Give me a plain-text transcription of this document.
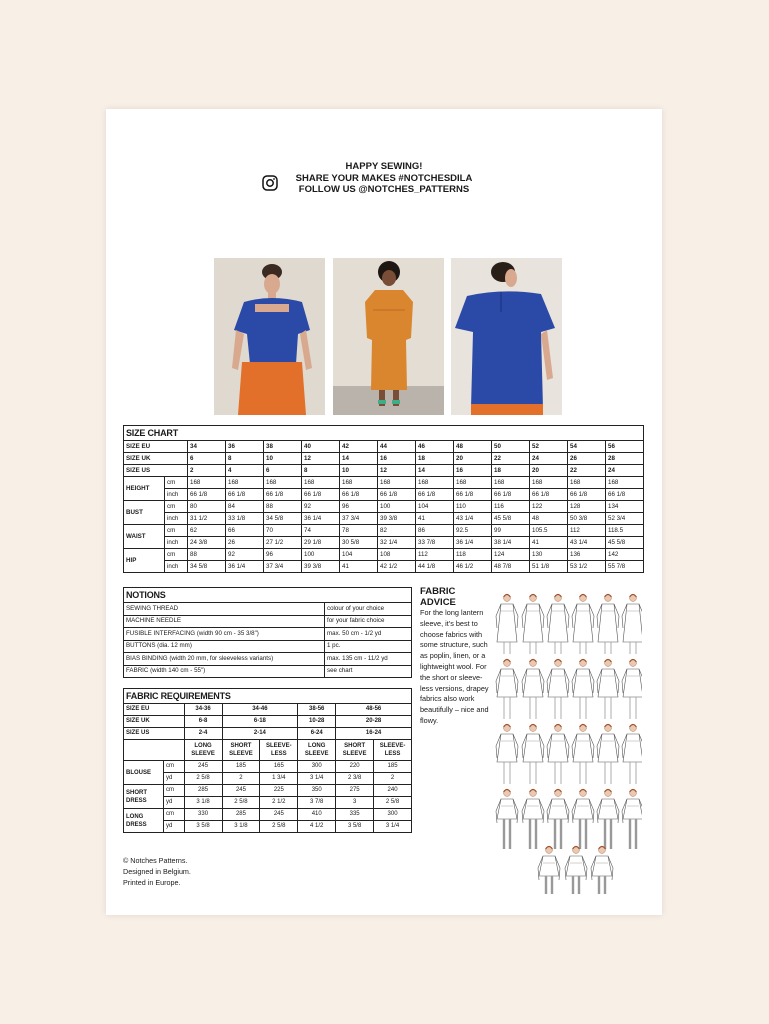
HAPPY SEWING!
SHARE YOUR MAKES #NOTCHESDILA
FOLLOW US @NOTCHES_PATTERNS
SIZE CHART													
SIZE EU		34	36	38	40	42	44	46	48	50	52	54	56
SIZE UK		6	8	10	12	14	16	18	20	22	24	26	28
SIZE US		2	4	6	8	10	12	14	16	18	20	22	24
HEIGHT	cm	168	168	168	168	168	168	168	168	168	168	168	168
	inch	66 1/8	66 1/8	66 1/8	66 1/8	66 1/8	66 1/8	66 1/8	66 1/8	66 1/8	66 1/8	66 1/8	66 1/8
BUST	cm	80	84	88	92	96	100	104	110	116	122	128	134
	inch	31 1/2	33 1/8	34 5/8	36 1/4	37 3/4	39 3/8	41	43 1/4	45 5/8	48	50 3/8	52 3/4
WAIST	cm	62	66	70	74	78	82	86	92.5	99	105.5	112	118.5
	inch	24 3/8	26	27 1/2	29 1/8	30 5/8	32 1/4	33 7/8	36 1/4	38 1/4	41	43 1/4	45 5/8
HIP	cm	88	92	96	100	104	108	112	118	124	130	136	142
	inch	34 5/8	36 1/4	37 3/4	39 3/8	41	42 1/2	44 1/8	46 1/2	48 7/8	51 1/8	53 1/2	55 7/8
NOTIONS	
SEWING THREAD	colour of your choice
MACHINE NEEDLE	for your fabric choice
FUSIBLE INTERFACING (width 90 cm - 35 3/8")	max. 50 cm - 1/2 yd
BUTTONS (dia. 12 mm)	1 pc.
BIAS BINDING (width 20 mm, for sleeveless variants)	max. 135 cm - 11/2 yd
FABRIC (width 140 cm - 55")	see chart
FABRIC REQUIREMENTS							
SIZE EU		34-36	34-46		38-56	48-56	
SIZE UK		6-8	6-18		10-28	20-28	
SIZE US		2-4	2-14		6-24	16-24	
		LONG SLEEVE	SHORT SLEEVE	SLEEVE-LESS	LONG SLEEVE	SHORT SLEEVE	SLEEVE-LESS
BLOUSE	cm	245	185	165	300	220	185
	yd	2 5/8	2	1 3/4	3 1/4	2 3/8	2
SHORT DRESS	cm	285	245	225	350	275	240
	yd	3 1/8	2 5/8	2 1/2	3 7/8	3	2 5/8
LONG DRESS	cm	330	285	245	410	335	300
	yd	3 5/8	3 1/8	2 5/8	4 1/2	3 5/8	3 1/4
FABRIC
ADVICE
For the long lantern sleeve, it's best to choose fabrics with some structure, such as poplin, linen, or a lightweight wool. For the short or sleeve-less versions, drapey fabrics also work beautifully – nice and flowy.
© Notches Patterns.
Designed in Belgium.
Printed in Europe.
